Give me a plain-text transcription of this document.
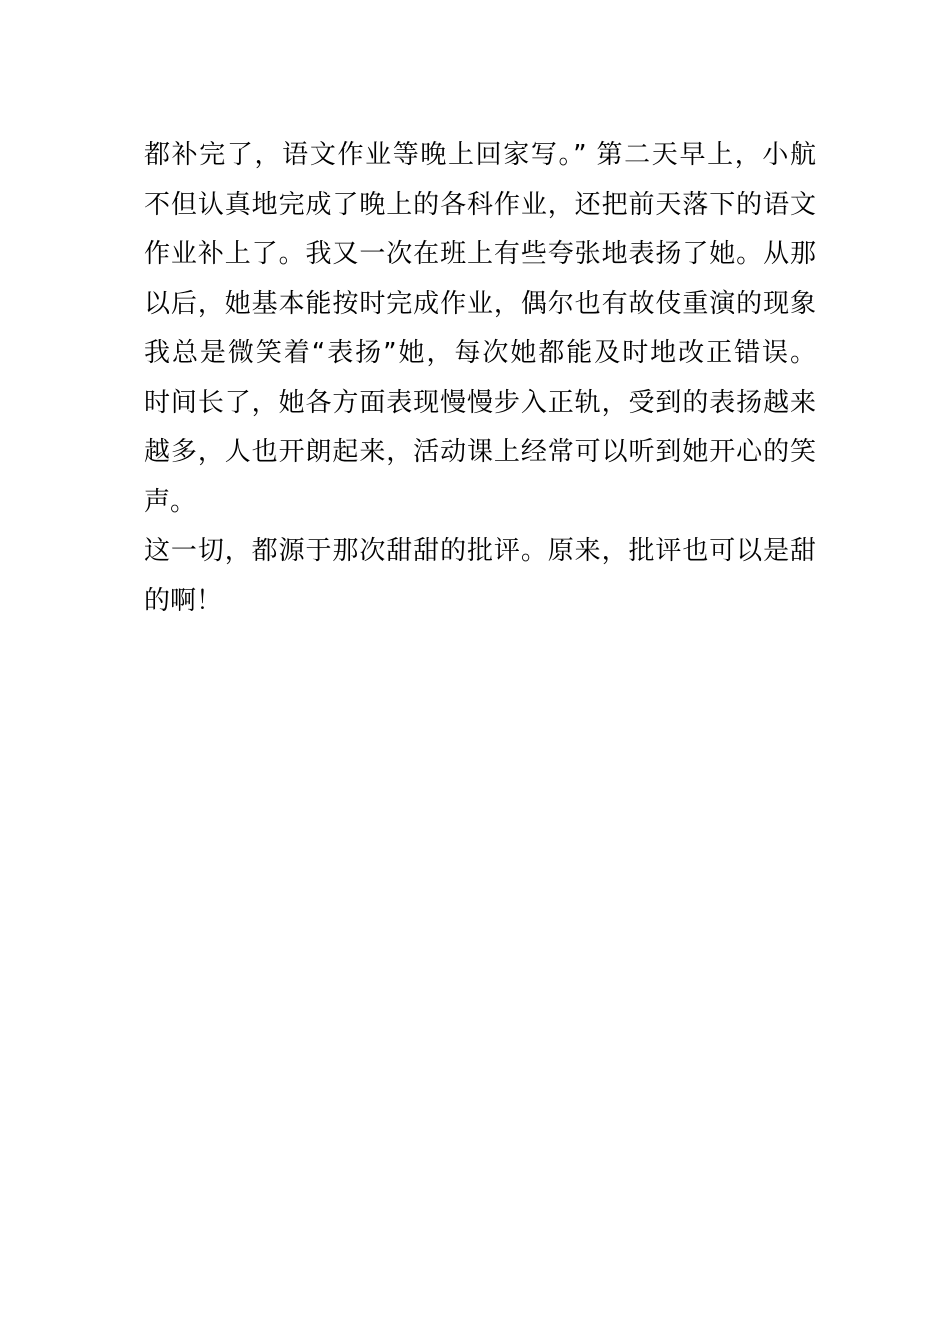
都补完了，语文作业等晚上回家写。” 第二天早上，小航
不但认真地完成了晚上的各科作业，还把前天落下的语文
作业补上了。我又一次在班上有些夸张地表扬了她。从那
以后，她基本能按时完成作业，偶尔也有故伎重演的现象
我总是微笑着“表扬”她，每次她都能及时地改正错误。
时间长了，她各方面表现慢慢步入正轨，受到的表扬越来
越多，人也开朗起来，活动课上经常可以听到她开心的笑
声。
这一切，都源于那次甜甜的批评。原来，批评也可以是甜
的啊！
